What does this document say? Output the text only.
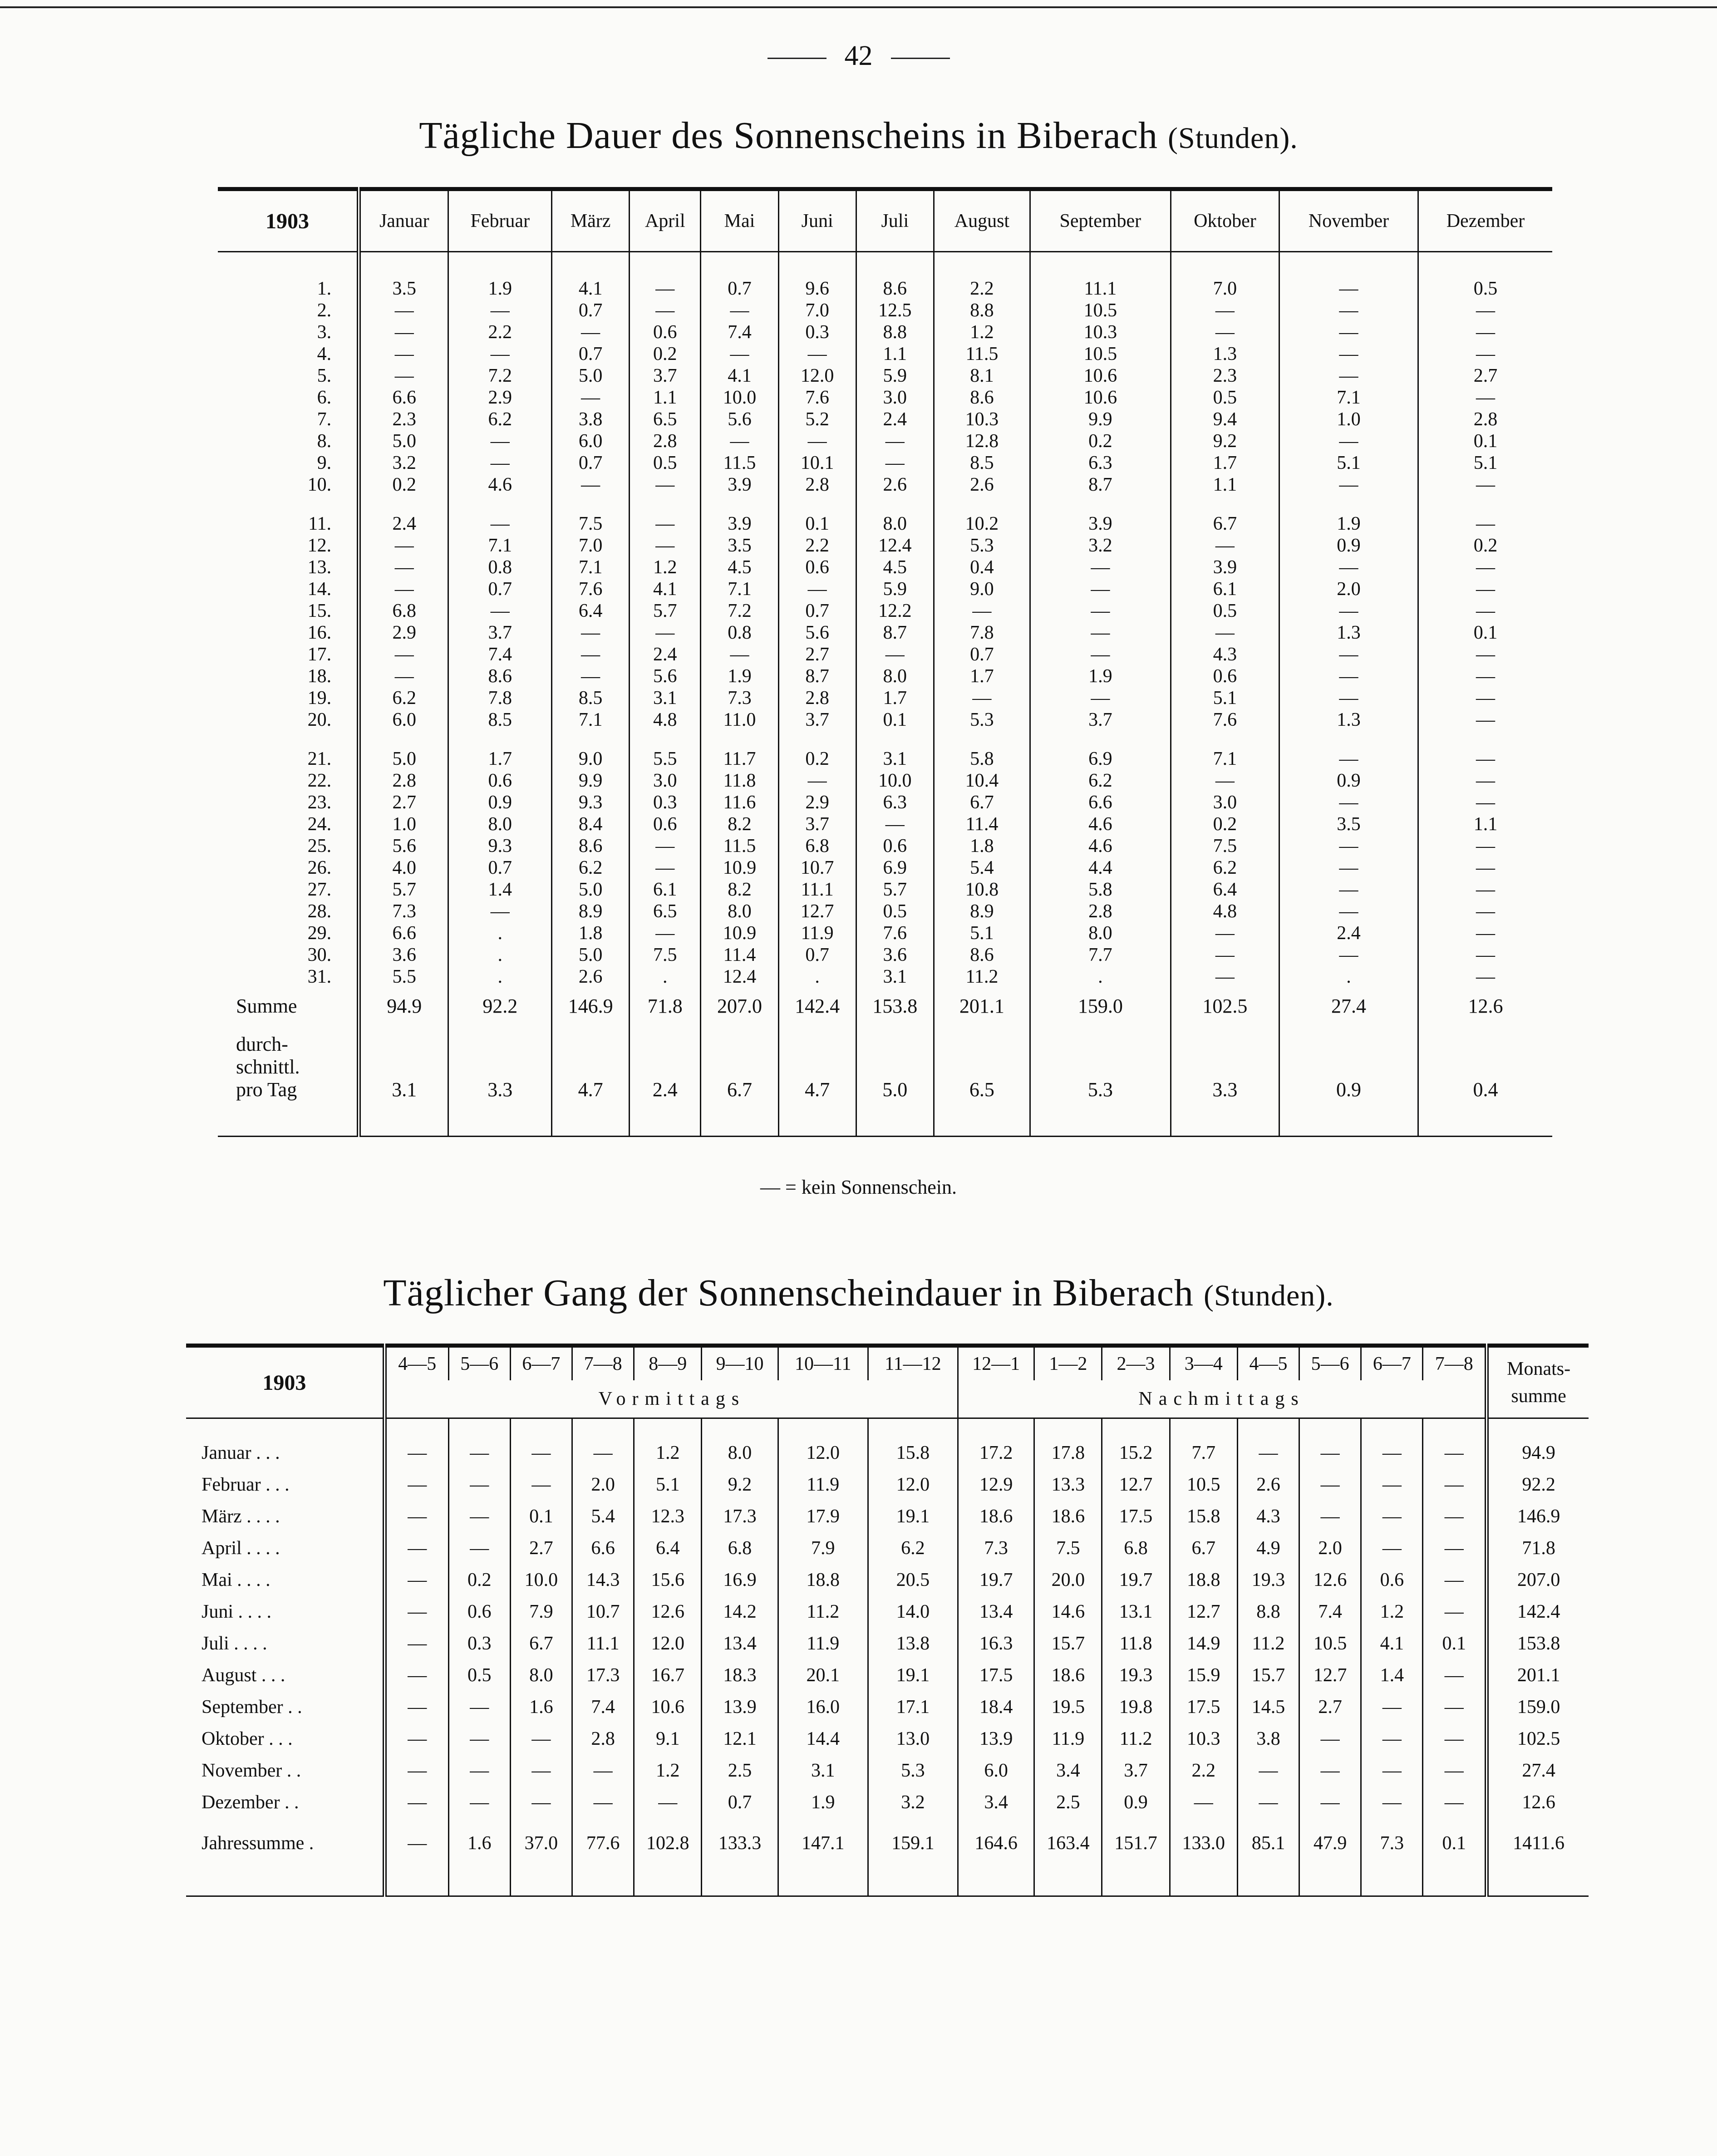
42
Tägliche Dauer des Sonnenscheins in Biberach (Stunden).
1903	Januar	Februar	März	April	Mai	Juni	Juli	August	September	Oktober	November	Dezember

1.	3.5	1.9	4.1	—	0.7	9.6	8.6	2.2	11.1	7.0	—	0.5
2.	—	—	0.7	—	—	7.0	12.5	8.8	10.5	—	—	—
3.	—	2.2	—	0.6	7.4	0.3	8.8	1.2	10.3	—	—	—
4.	—	—	0.7	0.2	—	—	1.1	11.5	10.5	1.3	—	—
5.	—	7.2	5.0	3.7	4.1	12.0	5.9	8.1	10.6	2.3	—	2.7
6.	6.6	2.9	—	1.1	10.0	7.6	3.0	8.6	10.6	0.5	7.1	—
7.	2.3	6.2	3.8	6.5	5.6	5.2	2.4	10.3	9.9	9.4	1.0	2.8
8.	5.0	—	6.0	2.8	—	—	—	12.8	0.2	9.2	—	0.1
9.	3.2	—	0.7	0.5	11.5	10.1	—	8.5	6.3	1.7	5.1	5.1
10.	0.2	4.6	—	—	3.9	2.8	2.6	2.6	8.7	1.1	—	—
11.	2.4	—	7.5	—	3.9	0.1	8.0	10.2	3.9	6.7	1.9	—
12.	—	7.1	7.0	—	3.5	2.2	12.4	5.3	3.2	—	0.9	0.2
13.	—	0.8	7.1	1.2	4.5	0.6	4.5	0.4	—	3.9	—	—
14.	—	0.7	7.6	4.1	7.1	—	5.9	9.0	—	6.1	2.0	—
15.	6.8	—	6.4	5.7	7.2	0.7	12.2	—	—	0.5	—	—
16.	2.9	3.7	—	—	0.8	5.6	8.7	7.8	—	—	1.3	0.1
17.	—	7.4	—	2.4	—	2.7	—	0.7	—	4.3	—	—
18.	—	8.6	—	5.6	1.9	8.7	8.0	1.7	1.9	0.6	—	—
19.	6.2	7.8	8.5	3.1	7.3	2.8	1.7	—	—	5.1	—	—
20.	6.0	8.5	7.1	4.8	11.0	3.7	0.1	5.3	3.7	7.6	1.3	—
21.	5.0	1.7	9.0	5.5	11.7	0.2	3.1	5.8	6.9	7.1	—	—
22.	2.8	0.6	9.9	3.0	11.8	—	10.0	10.4	6.2	—	0.9	—
23.	2.7	0.9	9.3	0.3	11.6	2.9	6.3	6.7	6.6	3.0	—	—
24.	1.0	8.0	8.4	0.6	8.2	3.7	—	11.4	4.6	0.2	3.5	1.1
25.	5.6	9.3	8.6	—	11.5	6.8	0.6	1.8	4.6	7.5	—	—
26.	4.0	0.7	6.2	—	10.9	10.7	6.9	5.4	4.4	6.2	—	—
27.	5.7	1.4	5.0	6.1	8.2	11.1	5.7	10.8	5.8	6.4	—	—
28.	7.3	—	8.9	6.5	8.0	12.7	0.5	8.9	2.8	4.8	—	—
29.	6.6	.	1.8	—	10.9	11.9	7.6	5.1	8.0	—	2.4	—
30.	3.6	.	5.0	7.5	11.4	0.7	3.6	8.6	7.7	—	—	—
31.	5.5	.	2.6	.	12.4	.	3.1	11.2	.	—	.	—
Summe	94.9	92.2	146.9	71.8	207.0	142.4	153.8	201.1	159.0	102.5	27.4	12.6

durch-
schnittl.
pro Tag	3.1	3.3	4.7	2.4	6.7	4.7	5.0	6.5	5.3	3.3	0.9	0.4

— = kein Sonnenschein.
Täglicher Gang der Sonnenscheindauer in Biberach (Stunden).
1903	4—5	5—6	6—7	7—8	8—9	9—10	10—11	11—12	12—1	1—2	2—3	3—4	4—5	5—6	6—7	7—8	Monats-
summe

	Vormittags								Nachmittags								

Januar . . .	—	—	—	—	1.2	8.0	12.0	15.8	17.2	17.8	15.2	7.7	—	—	—	—	94.9
Februar . . .	—	—	—	2.0	5.1	9.2	11.9	12.0	12.9	13.3	12.7	10.5	2.6	—	—	—	92.2
März . . . .	—	—	0.1	5.4	12.3	17.3	17.9	19.1	18.6	18.6	17.5	15.8	4.3	—	—	—	146.9
April . . . .	—	—	2.7	6.6	6.4	6.8	7.9	6.2	7.3	7.5	6.8	6.7	4.9	2.0	—	—	71.8
Mai . . . .	—	0.2	10.0	14.3	15.6	16.9	18.8	20.5	19.7	20.0	19.7	18.8	19.3	12.6	0.6	—	207.0
Juni . . . .	—	0.6	7.9	10.7	12.6	14.2	11.2	14.0	13.4	14.6	13.1	12.7	8.8	7.4	1.2	—	142.4
Juli . . . .	—	0.3	6.7	11.1	12.0	13.4	11.9	13.8	16.3	15.7	11.8	14.9	11.2	10.5	4.1	0.1	153.8
August . . .	—	0.5	8.0	17.3	16.7	18.3	20.1	19.1	17.5	18.6	19.3	15.9	15.7	12.7	1.4	—	201.1
September . .	—	—	1.6	7.4	10.6	13.9	16.0	17.1	18.4	19.5	19.8	17.5	14.5	2.7	—	—	159.0
Oktober . . .	—	—	—	2.8	9.1	12.1	14.4	13.0	13.9	11.9	11.2	10.3	3.8	—	—	—	102.5
November . .	—	—	—	—	1.2	2.5	3.1	5.3	6.0	3.4	3.7	2.2	—	—	—	—	27.4
Dezember . .	—	—	—	—	—	0.7	1.9	3.2	3.4	2.5	0.9	—	—	—	—	—	12.6
Jahressumme .	—	1.6	37.0	77.6	102.8	133.3	147.1	159.1	164.6	163.4	151.7	133.0	85.1	47.9	7.3	0.1	1411.6
